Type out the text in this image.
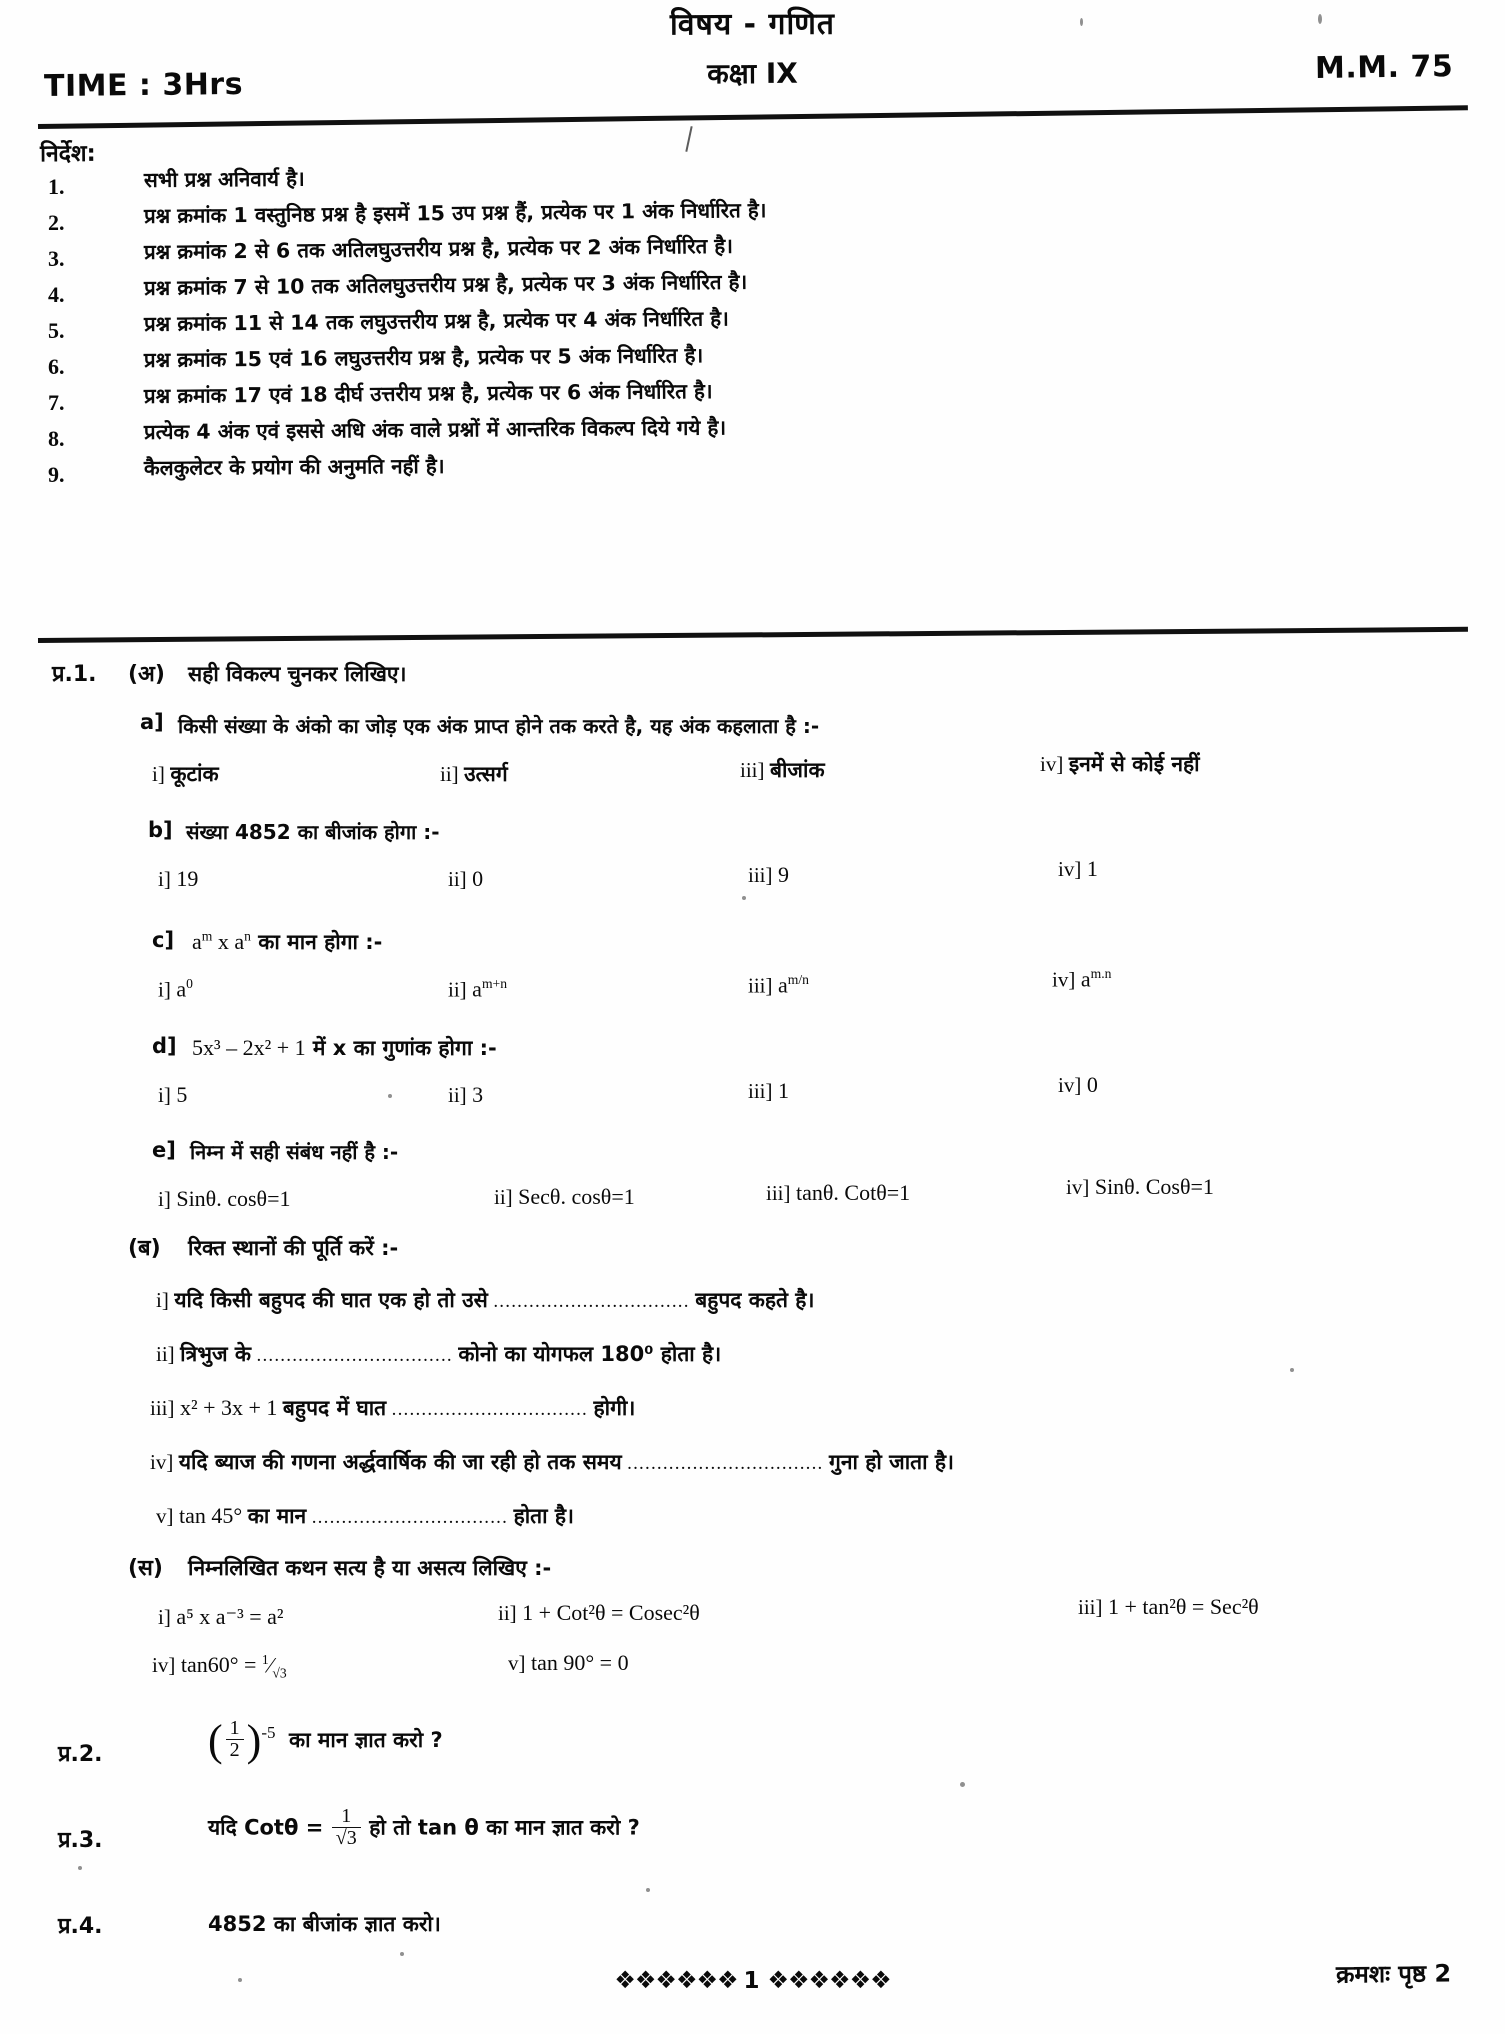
विषय - गणित
कक्षा IX
TIME : 3Hrs	M.M. 75
निर्देश:
1.	सभी प्रश्न अनिवार्य है।
2.	प्रश्न क्रमांक 1 वस्तुनिष्ठ प्रश्न है इसमें 15 उप प्रश्न हैं, प्रत्येक पर 1 अंक निर्धारित है।
3.	प्रश्न क्रमांक 2 से 6 तक अतिलघुउत्तरीय प्रश्न है, प्रत्येक पर 2 अंक निर्धारित है।
4.	प्रश्न क्रमांक 7 से 10 तक अतिलघुउत्तरीय प्रश्न है, प्रत्येक पर 3 अंक निर्धारित है।
5.	प्रश्न क्रमांक 11 से 14 तक लघुउत्तरीय प्रश्न है, प्रत्येक पर 4 अंक निर्धारित है।
6.	प्रश्न क्रमांक 15 एवं 16 लघुउत्तरीय प्रश्न है, प्रत्येक पर 5 अंक निर्धारित है।
7.	प्रश्न क्रमांक 17 एवं 18 दीर्घ उत्तरीय प्रश्न है, प्रत्येक पर 6 अंक निर्धारित है।
8.	प्रत्येक 4 अंक एवं इससे अधि अंक वाले प्रश्नों में आन्तरिक विकल्प दिये गये है।
9.	कैलकुलेटर के प्रयोग की अनुमति नहीं है।
प्र.1. (अ) सही विकल्प चुनकर लिखिए।
a] किसी संख्या के अंको का जोड़ एक अंक प्राप्त होने तक करते है, यह अंक कहलाता है :-
i] कूटांक	ii] उत्सर्ग	iii] बीजांक	iv] इनमें से कोई नहीं
b] संख्या 4852 का बीजांक होगा :-
i] 19	ii] 0	iii] 9	iv] 1
c] $a^m$ x $a^n$ का मान होगा :-
i] $a^0$	ii] $a^{m+n}$	iii] $a^{m/n}$	iv] $a^{m.n}$
d] 5x³ – 2x² + 1 में x का गुणांक होगा :-
i] 5	ii] 3	iii] 1	iv] 0
e] निम्न में सही संबंध नहीं है :-
i] Sinθ. cosθ=1	ii] Secθ. cosθ=1	iii] tanθ. Cotθ=1	iv] Sinθ. Cosθ=1
(ब) रिक्त स्थानों की पूर्ति करें :-
i] यदि किसी बहुपद की घात एक हो तो उसे ................................. बहुपद कहते है।
ii] त्रिभुज के ................................. कोनो का योगफल 180⁰ होता है।
iii] x² + 3x + 1 बहुपद में घात ................................. होगी।
iv] यदि ब्याज की गणना अर्द्धवार्षिक की जा रही हो तक समय ................................. गुना हो जाता है।
v] tan 45° का मान ................................. होता है।
(स) निम्नलिखित कथन सत्य है या असत्य लिखिए :-
i] a⁵ x a⁻³ = a²	ii] 1 + Cot²θ = Cosec²θ	iii] 1 + tan²θ = Sec²θ
iv] $\tan 60^\circ = ^1⁄_{√3}$	v] tan 90° = 0
प्र.2. ( $\frac{1}{2} )^{-5}$ का मान ज्ञात करो ?
प्र.3.
यदि $Cot\theta = \frac{1}{√3}$ हो तो tan θ का मान ज्ञात करो ?
प्र.4.	4852 का बीजांक ज्ञात करो।
❖❖❖❖❖❖ 1 ❖❖❖❖❖❖	क्रमशः पृष्ठ 2
